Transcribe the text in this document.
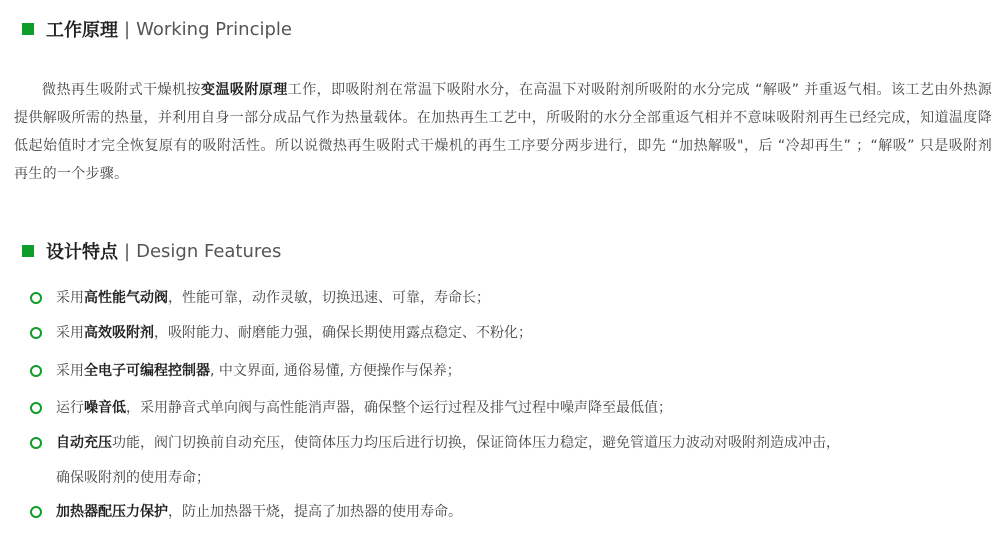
工作原理 | Working Principle
微热再生吸附式干燥机按变温吸附原理工作，即吸附剂在常温下吸附水分，在高温下对吸附剂所吸附的水分完成 “解吸” 并重返气相。该工艺由外热源提供解吸所需的热量，并利用自身一部分成品气作为热量载体。在加热再生工艺中，所吸附的水分全部重返气相并不意味吸附剂再生已经完成，知道温度降低起始值时才完全恢复原有的吸附活性。所以说微热再生吸附式干燥机的再生工序要分两步进行，即先 “加热解吸"，后 “冷却再生” ；“解吸” 只是吸附剂再生的一个步骤。
设计特点 | Design Features
采用高性能气动阀，性能可靠，动作灵敏，切换迅速、可靠，寿命长；
采用高效吸附剂，吸附能力、耐磨能力强，确保长期使用露点稳定、不粉化；
采用全电子可编程控制器, 中文界面, 通俗易懂, 方便操作与保养；
运行噪音低，采用静音式单向阀与高性能消声器，确保整个运行过程及排气过程中噪声降至最低值；
自动充压功能，阀门切换前自动充压，使筒体压力均压后进行切换，保证筒体压力稳定，避免管道压力波动对吸附剂造成冲击，
确保吸附剂的使用寿命；
加热器配压力保护，防止加热器干烧，提高了加热器的使用寿命。
